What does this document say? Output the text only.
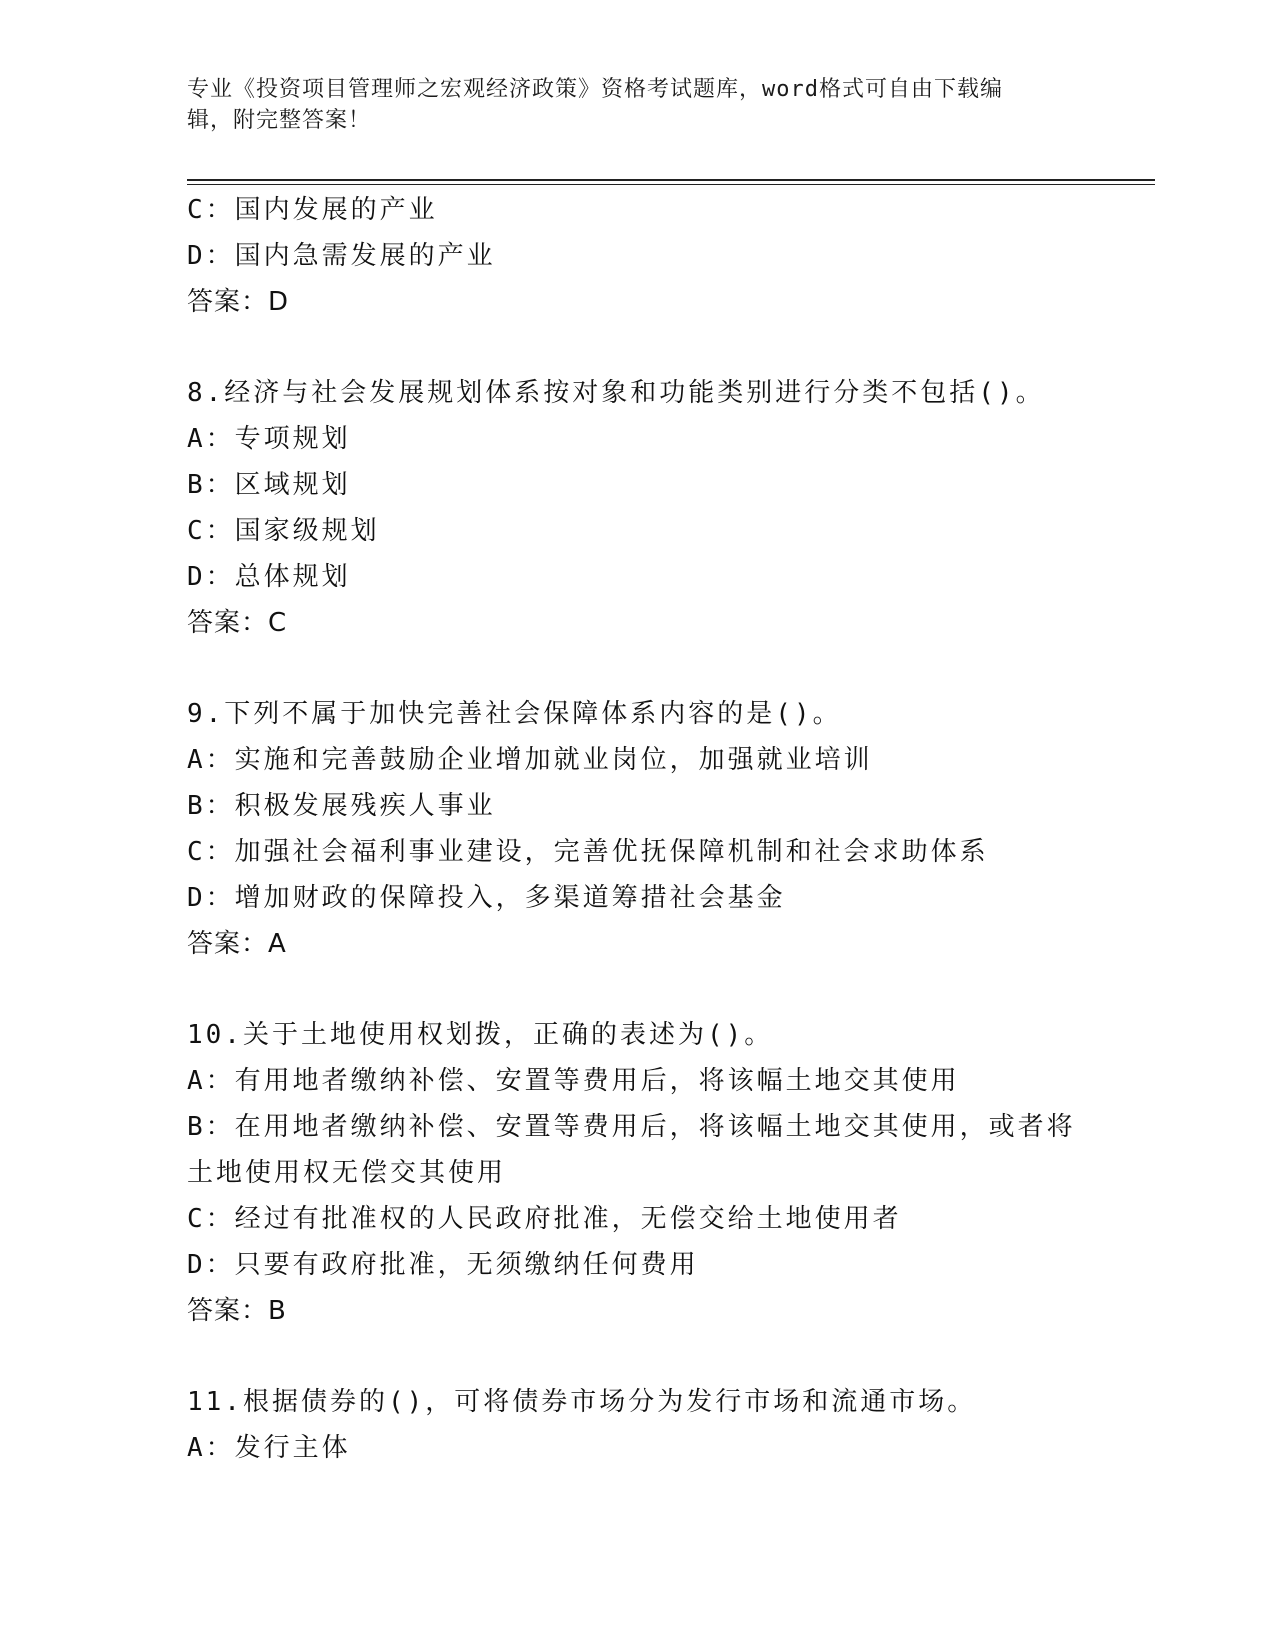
专业《投资项目管理师之宏观经济政策》资格考试题库，word格式可自由下载编
辑，附完整答案！
C：国内发展的产业
D：国内急需发展的产业
答案：D
8.经济与社会发展规划体系按对象和功能类别进行分类不包括()。
A：专项规划
B：区域规划
C：国家级规划
D：总体规划
答案：C
9.下列不属于加快完善社会保障体系内容的是()。
A：实施和完善鼓励企业增加就业岗位，加强就业培训
B：积极发展残疾人事业
C：加强社会福利事业建设，完善优抚保障机制和社会求助体系
D：增加财政的保障投入，多渠道筹措社会基金
答案：A
10.关于土地使用权划拨，正确的表述为()。
A：有用地者缴纳补偿、安置等费用后，将该幅土地交其使用
B：在用地者缴纳补偿、安置等费用后，将该幅土地交其使用，或者将
土地使用权无偿交其使用
C：经过有批准权的人民政府批准，无偿交给土地使用者
D：只要有政府批准，无须缴纳任何费用
答案：B
11.根据债券的()，可将债券市场分为发行市场和流通市场。
A：发行主体
